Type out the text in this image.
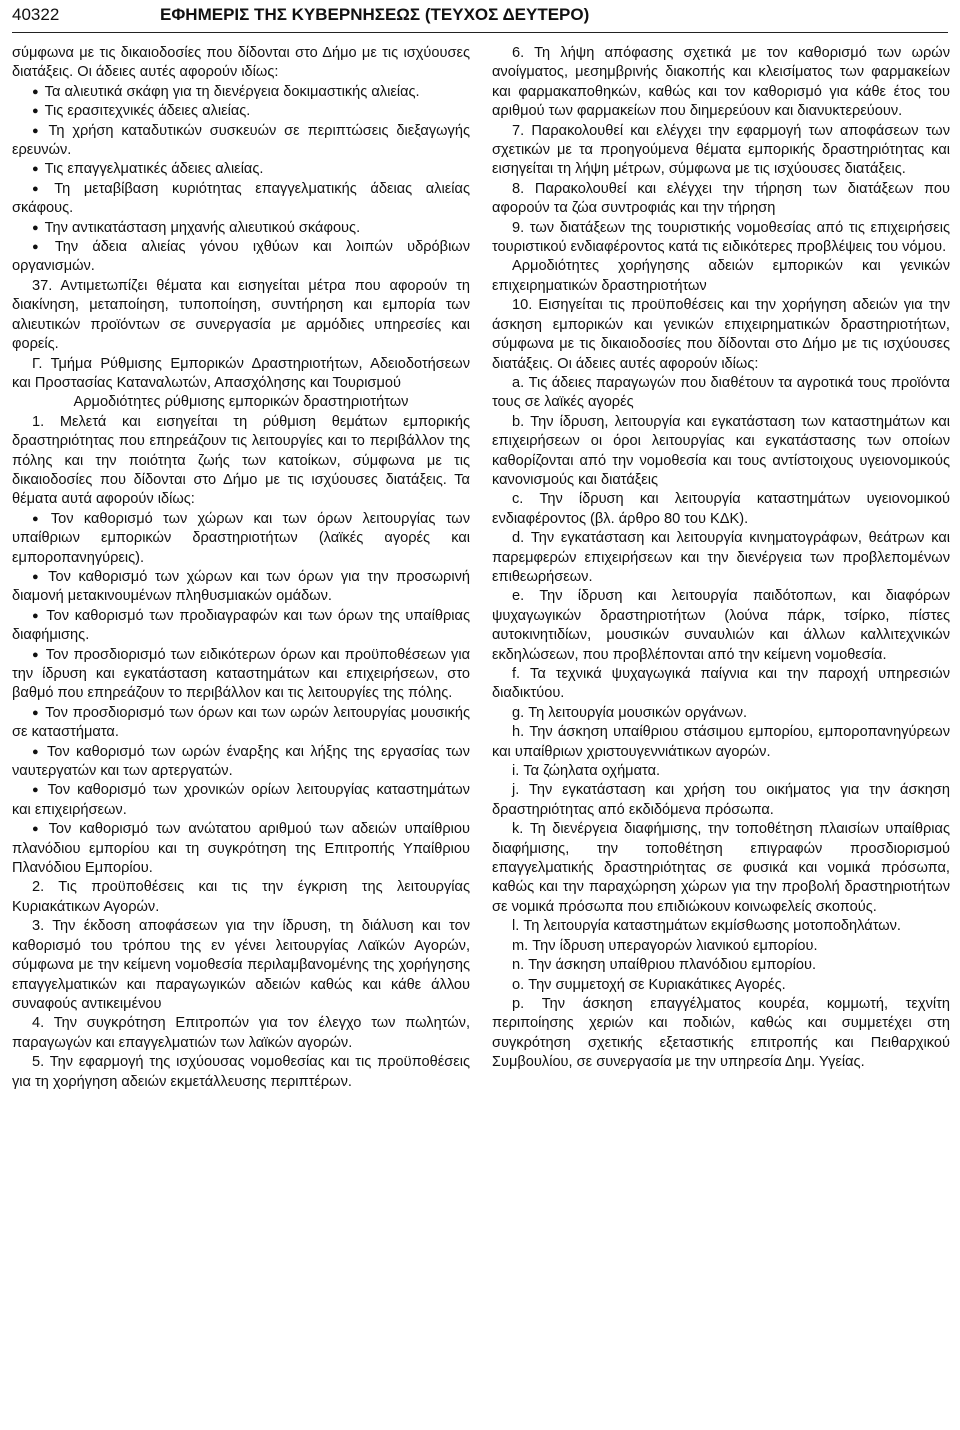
40322	ΕΦΗΜΕΡΙΣ ΤΗΣ ΚΥΒΕΡΝΗΣΕΩΣ (ΤΕΥΧΟΣ ΔΕΥΤΕΡΟ)

σύμφωνα με τις δικαιοδοσίες που δίδονται στο Δήμο με τις ισχύουσες διατάξεις. Οι άδειες αυτές αφορούν ιδίως:

● Τα αλιευτικά σκάφη για τη διενέργεια δοκιμαστικής αλιείας.

● Τις ερασιτεχνικές άδειες αλιείας.

● Τη χρήση καταδυτικών συσκευών σε περιπτώσεις διεξαγωγής ερευνών.

● Τις επαγγελματικές άδειες αλιείας.

● Τη μεταβίβαση κυριότητας επαγγελματικής άδειας αλιείας σκάφους.

● Την αντικατάσταση μηχανής αλιευτικού σκάφους.

● Την άδεια αλιείας γόνου ιχθύων και λοιπών υδρόβιων οργανισμών.

37. Αντιμετωπίζει θέματα και εισηγείται μέτρα που αφορούν τη διακίνηση, μεταποίηση, τυποποίηση, συντήρηση και εμπορία των αλιευτικών προϊόντων σε συνεργασία με αρμόδιες υπηρεσίες και φορείς.

Γ. Τμήμα Ρύθμισης Εμπορικών Δραστηριοτήτων, Αδειοδοτήσεων και Προστασίας Καταναλωτών, Απασχόλησης και Τουρισμού

Αρμοδιότητες ρύθμισης εμπορικών δραστηριοτήτων

1. Μελετά και εισηγείται τη ρύθμιση θεμάτων εμπορικής δραστηριότητας που επηρεάζουν τις λειτουργίες και το περιβάλλον της πόλης και την ποιότητα ζωής των κατοίκων, σύμφωνα με τις δικαιοδοσίες που δίδονται στο Δήμο με τις ισχύουσες διατάξεις. Τα θέματα αυτά αφορούν ιδίως:

● Τον καθορισμό των χώρων και των όρων λειτουργίας των υπαίθριων εμπορικών δραστηριοτήτων (λαϊκές αγορές και εμποροπανηγύρεις).

● Τον καθορισμό των χώρων και των όρων για την προσωρινή διαμονή μετακινουμένων πληθυσμιακών ομάδων.

● Τον καθορισμό των προδιαγραφών και των όρων της υπαίθριας διαφήμισης.

● Τον προσδιορισμό των ειδικότερων όρων και προϋποθέσεων για την ίδρυση και εγκατάσταση καταστημάτων και επιχειρήσεων, στο βαθμό που επηρεάζουν το περιβάλλον και τις λειτουργίες της πόλης.

● Τον προσδιορισμό των όρων και των ωρών λειτουργίας μουσικής σε καταστήματα.

● Τον καθορισμό των ωρών έναρξης και λήξης της εργασίας των ναυτεργατών και των αρτεργατών.

● Τον καθορισμό των χρονικών ορίων λειτουργίας καταστημάτων και επιχειρήσεων.

● Τον καθορισμό των ανώτατου αριθμού των αδειών υπαίθριου πλανόδιου εμπορίου και τη συγκρότηση της Επιτροπής Υπαίθριου Πλανόδιου Εμπορίου.

2. Τις προϋποθέσεις και τις την έγκριση της λειτουργίας Κυριακάτικων Αγορών.

3. Την έκδοση αποφάσεων για την ίδρυση, τη διάλυση και τον καθορισμό του τρόπου της εν γένει λειτουργίας Λαϊκών Αγορών, σύμφωνα με την κείμενη νομοθεσία περιλαμβανομένης της χορήγησης επαγγελματικών και παραγωγικών αδειών καθώς και κάθε άλλου συναφούς αντικειμένου

4. Την συγκρότηση Επιτροπών για τον έλεγχο των πωλητών, παραγωγών και επαγγελματιών των λαϊκών αγορών.

5. Την εφαρμογή της ισχύουσας νομοθεσίας και τις προϋποθέσεις για τη χορήγηση αδειών εκμετάλλευσης περιπτέρων.

6. Τη λήψη απόφασης σχετικά με τον καθορισμό των ωρών ανοίγματος, μεσημβρινής διακοπής και κλεισίματος των φαρμακείων και φαρμακαποθηκών, καθώς και τον καθορισμό για κάθε έτος του αριθμού των φαρμακείων που διημερεύουν και διανυκτερεύουν.

7. Παρακολουθεί και ελέγχει την εφαρμογή των αποφάσεων των σχετικών με τα προηγούμενα θέματα εμπορικής δραστηριότητας και εισηγείται τη λήψη μέτρων, σύμφωνα με τις ισχύουσες διατάξεις.

8. Παρακολουθεί και ελέγχει την τήρηση των διατάξεων που αφορούν τα ζώα συντροφιάς και την τήρηση

9. των διατάξεων της τουριστικής νομοθεσίας από τις επιχειρήσεις τουριστικού ενδιαφέροντος κατά τις ειδικότερες προβλέψεις του νόμου.

Αρμοδιότητες χορήγησης αδειών εμπορικών και γενικών επιχειρηματικών δραστηριοτήτων

10. Εισηγείται τις προϋποθέσεις και την χορήγηση αδειών για την άσκηση εμπορικών και γενικών επιχειρηματικών δραστηριοτήτων, σύμφωνα με τις δικαιοδοσίες που δίδονται στο Δήμο με τις ισχύουσες διατάξεις. Οι άδειες αυτές αφορούν ιδίως:

a. Τις άδειες παραγωγών που διαθέτουν τα αγροτικά τους προϊόντα τους σε λαϊκές αγορές

b. Την ίδρυση, λειτουργία και εγκατάσταση των καταστημάτων και επιχειρήσεων οι όροι λειτουργίας και εγκατάστασης των οποίων καθορίζονται από την νομοθεσία και τους αντίστοιχους υγειονομικούς κανονισμούς και διατάξεις

c. Την ίδρυση και λειτουργία καταστημάτων υγειονομικού ενδιαφέροντος (βλ. άρθρο 80 του ΚΔΚ).

d. Την εγκατάσταση και λειτουργία κινηματογράφων, θεάτρων και παρεμφερών επιχειρήσεων και την διενέργεια των προβλεπομένων επιθεωρήσεων.

e. Την ίδρυση και λειτουργία παιδότοπων, και διαφόρων ψυχαγωγικών δραστηριοτήτων (λούνα πάρκ, τσίρκο, πίστες αυτοκινητιδίων, μουσικών συναυλιών και άλλων καλλιτεχνικών εκδηλώσεων, που προβλέπονται από την κείμενη νομοθεσία.

f. Τα τεχνικά ψυχαγωγικά παίγνια και την παροχή υπηρεσιών διαδικτύου.

g. Τη λειτουργία μουσικών οργάνων.

h. Την άσκηση υπαίθριου στάσιμου εμπορίου, εμποροπανηγύρεων και υπαίθριων χριστουγεννιάτικων αγορών.

i. Τα ζώηλατα οχήματα.

j. Την εγκατάσταση και χρήση του οικήματος για την άσκηση δραστηριότητας από εκδιδόμενα πρόσωπα.

k. Τη διενέργεια διαφήμισης, την τοποθέτηση πλαισίων υπαίθριας διαφήμισης, την τοποθέτηση επιγραφών προσδιορισμού επαγγελματικής δραστηριότητας σε φυσικά και νομικά πρόσωπα, καθώς και την παραχώρηση χώρων για την προβολή δραστηριοτήτων σε νομικά πρόσωπα που επιδιώκουν κοινωφελείς σκοπούς.

l. Τη λειτουργία καταστημάτων εκμίσθωσης μοτοποδηλάτων.

m. Την ίδρυση υπεραγορών λιανικού εμπορίου.

n. Την άσκηση υπαίθριου πλανόδιου εμπορίου.

o. Την συμμετοχή σε Κυριακάτικες Αγορές.

p. Την άσκηση επαγγέλματος κουρέα, κομμωτή, τεχνίτη περιποίησης χεριών και ποδιών, καθώς και συμμετέχει στη συγκρότηση σχετικής εξεταστικής επιτροπής και Πειθαρχικού Συμβουλίου, σε συνεργασία με την υπηρεσία Δημ. Υγείας.
